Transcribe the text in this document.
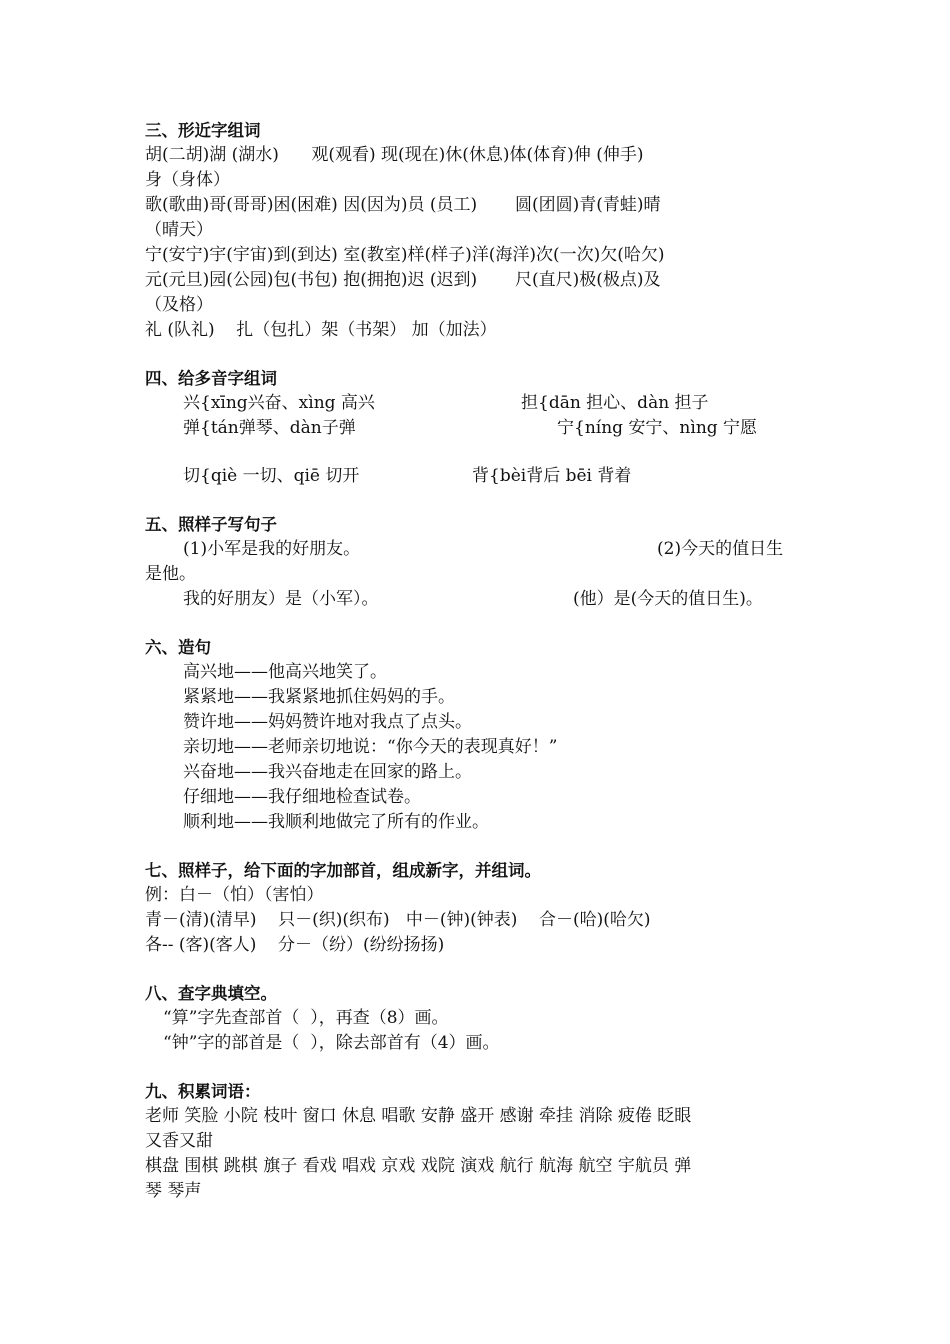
三、形近字组词
胡(二胡)湖 (湖水)      观(观看) 现(现在)休(休息)体(体育)伸 (伸手)
身（身体）
歌(歌曲)哥(哥哥)困(困难) 因(因为)员 (员工)       圆(团圆)青(青蛙)晴
（晴天）
宁(安宁)宇(宇宙)到(到达) 室(教室)样(样子)洋(海洋)次(一次)欠(哈欠)
元(元旦)园(公园)包(书包) 抱(拥抱)迟 (迟到)       尺(直尺)极(极点)及
（及格）
礼 (队礼)    扎（包扎）架（书架） 加（加法）
四、给多音字组词

兴{xīng兴奋、xìng 高兴

	担{dān 担心、dàn 担子

弹{tán弹琴、dàn子弹

	宁{níng 安宁、nìng 宁愿

切{qiè 一切、qiē 切开

	背{bèi背后 bēi 背着

五、照样子写句子

(1)小军是我的好朋友。

	(2)今天的值日生

是他。

我的好朋友）是（小军）。

	(他）是(今天的值日生)。

六、造句
高兴地——他高兴地笑了。
紧紧地——我紧紧地抓住妈妈的手。
赞许地——妈妈赞许地对我点了点头。
亲切地——老师亲切地说：“你今天的表现真好！”
兴奋地——我兴奋地走在回家的路上。
仔细地——我仔细地检查试卷。
顺利地——我顺利地做完了所有的作业。
七、照样子，给下面的字加部首，组成新字，并组词。
例：白－（怕）（害怕）
青－(清)(清早)    只－(织)(织布)   中－(钟)(钟表)    合－(哈)(哈欠)
各-- (客)(客人)    分－（纷）(纷纷扬扬)
八、查字典填空。
“算”字先查部首（  ），再查（8）画。
“钟”字的部首是（  ），除去部首有（4）画。
九、积累词语：
老师 笑脸 小院 枝叶 窗口 休息 唱歌 安静 盛开 感谢 牵挂 消除 疲倦 眨眼
又香又甜
棋盘 围棋 跳棋 旗子 看戏 唱戏 京戏 戏院 演戏 航行 航海 航空 宇航员 弹
琴 琴声
